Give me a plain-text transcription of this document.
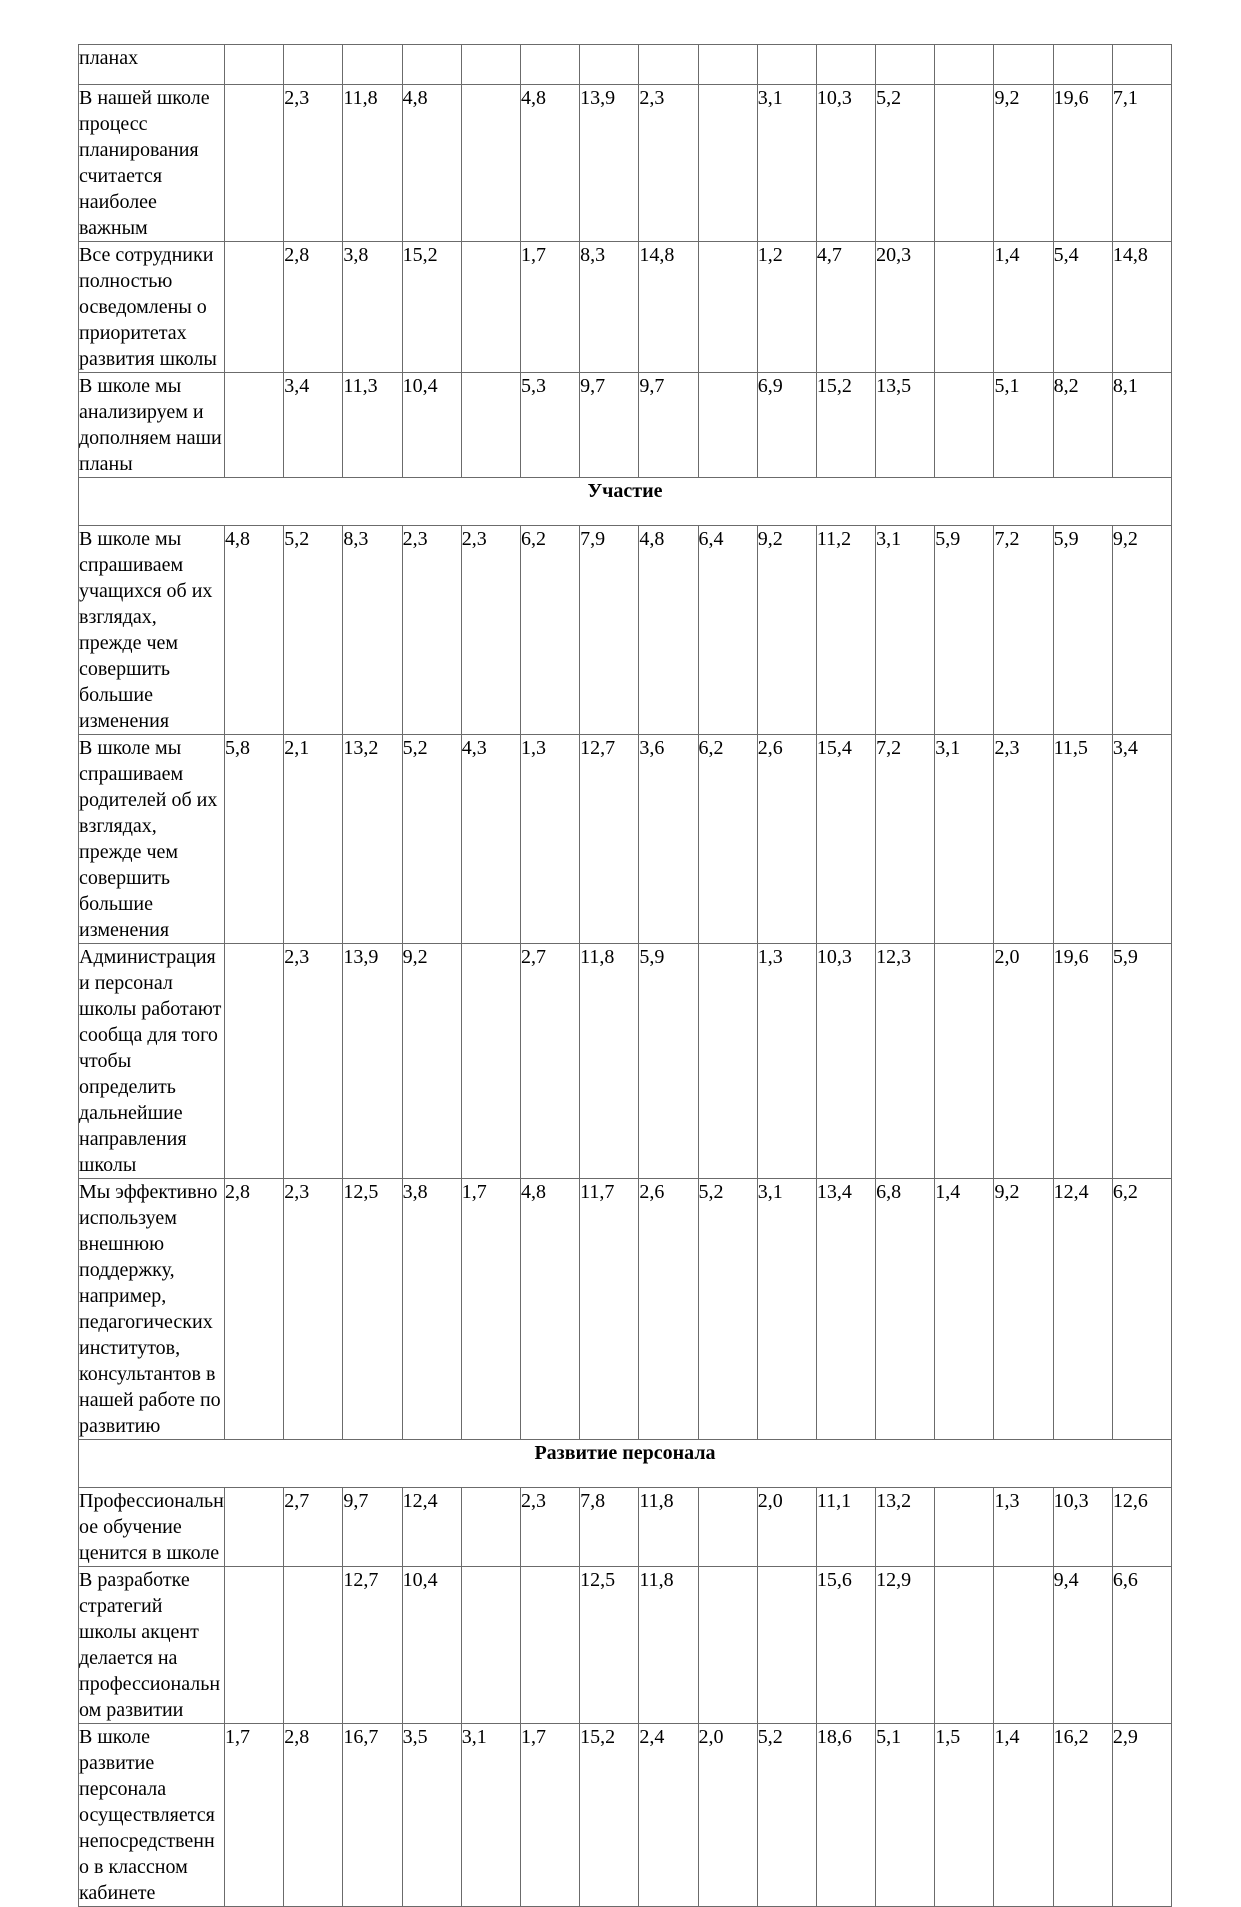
планах	

В нашей школе процесс планирования считается наиболее важным		2,3	11,8	4,8		4,8	13,9	2,3		3,1	10,3	5,2		9,2	19,6	7,1

Все сотрудники полностью осведомлены о приоритетах развития школы		2,8	3,8	15,2		1,7	8,3	14,8		1,2	4,7	20,3		1,4	5,4	14,8

В школе мы анализируем и дополняем наши планы		3,4	11,3	10,4		5,3	9,7	9,7		6,9	15,2	13,5		5,1	8,2	8,1

Участие																
В школе мы спрашиваем учащихся об их взглядах, прежде чем совершить большие изменения	4,8	5,2	8,3	2,3	2,3	6,2	7,9	4,8	6,4	9,2	11,2	3,1	5,9	7,2	5,9	9,2

В школе мы спрашиваем родителей об их взглядах, прежде чем совершить большие изменения	5,8	2,1	13,2	5,2	4,3	1,3	12,7	3,6	6,2	2,6	15,4	7,2	3,1	2,3	11,5	3,4

Администрация и персонал школы работают сообща для того чтобы определить дальнейшие направления школы		2,3	13,9	9,2		2,7	11,8	5,9		1,3	10,3	12,3		2,0	19,6	5,9

Мы эффективно используем внешнюю поддержку, например, педагогических институтов, консультантов в нашей работе по развитию	2,8	2,3	12,5	3,8	1,7	4,8	11,7	2,6	5,2	3,1	13,4	6,8	1,4	9,2	12,4	6,2

Развитие персонала																
Профессиональное обучение ценится в школе		2,7	9,7	12,4		2,3	7,8	11,8		2,0	11,1	13,2		1,3	10,3	12,6

В разработке стратегий школы акцент делается на профессиональном развитии			12,7	10,4			12,5	11,8			15,6	12,9			9,4	6,6

В школе развитие персонала осуществляется непосредственно в классном кабинете	1,7	2,8	16,7	3,5	3,1	1,7	15,2	2,4	2,0	5,2	18,6	5,1	1,5	1,4	16,2	2,9
